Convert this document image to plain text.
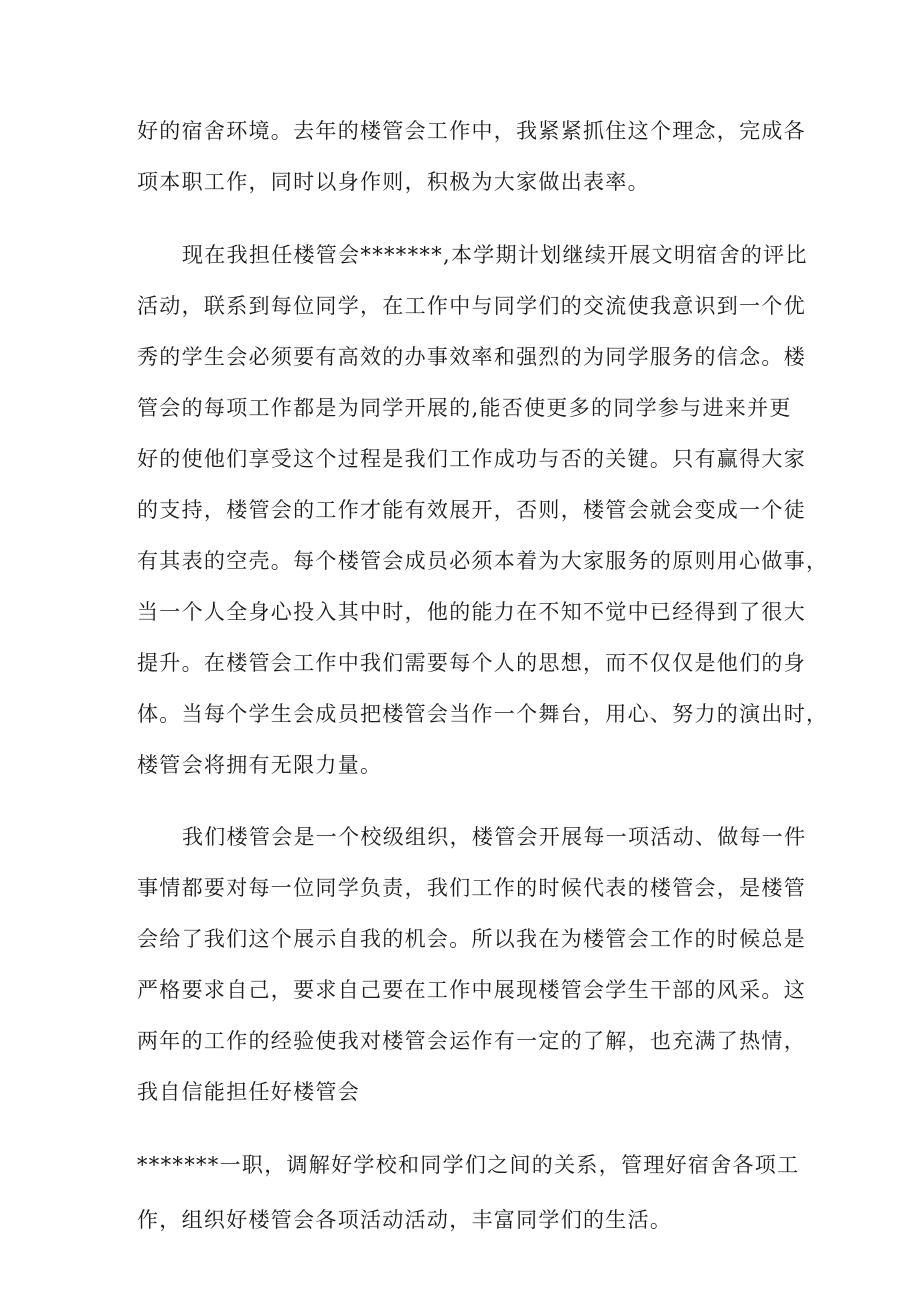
好的宿舍环境。去年的楼管会工作中，我紧紧抓住这个理念，完成各
项本职工作，同时以身作则，积极为大家做出表率。
现在我担任楼管会*******,本学期计划继续开展文明宿舍的评比
活动，联系到每位同学，在工作中与同学们的交流使我意识到一个优
秀的学生会必须要有高效的办事效率和强烈的为同学服务的信念。楼
管会的每项工作都是为同学开展的,能否使更多的同学参与进来并更
好的使他们享受这个过程是我们工作成功与否的关键。只有赢得大家
的支持，楼管会的工作才能有效展开，否则，楼管会就会变成一个徒
有其表的空壳。每个楼管会成员必须本着为大家服务的原则用心做事，
当一个人全身心投入其中时，他的能力在不知不觉中已经得到了很大
提升。在楼管会工作中我们需要每个人的思想，而不仅仅是他们的身
体。当每个学生会成员把楼管会当作一个舞台，用心、努力的演出时，
楼管会将拥有无限力量。
我们楼管会是一个校级组织，楼管会开展每一项活动、做每一件
事情都要对每一位同学负责，我们工作的时候代表的楼管会，是楼管
会给了我们这个展示自我的机会。所以我在为楼管会工作的时候总是
严格要求自己，要求自己要在工作中展现楼管会学生干部的风采。这
两年的工作的经验使我对楼管会运作有一定的了解，也充满了热情，
我自信能担任好楼管会
*******一职，调解好学校和同学们之间的关系，管理好宿舍各项工
作，组织好楼管会各项活动活动，丰富同学们的生活。
